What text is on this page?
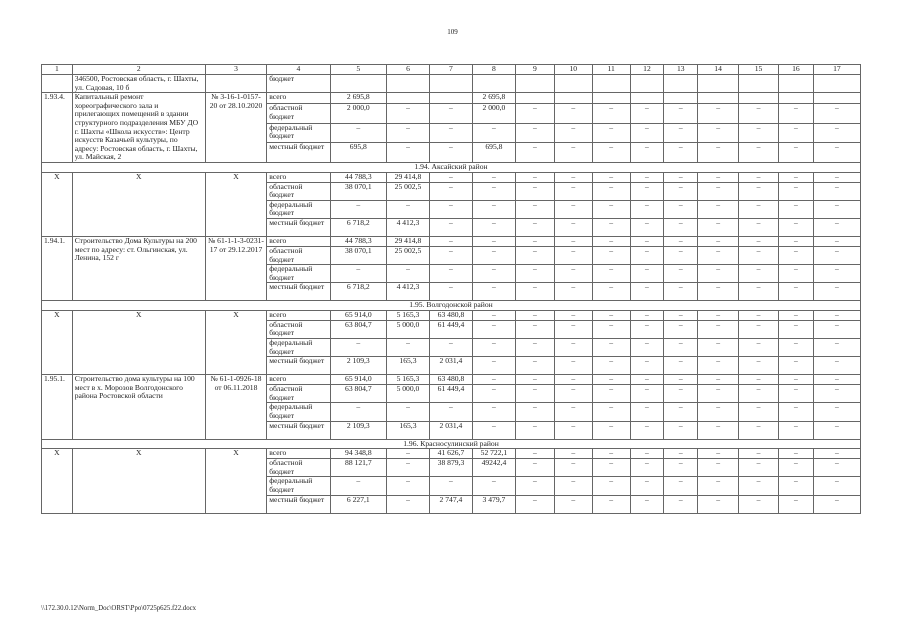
109
1	2	3	4	5	6	7	8	9	10	11	12	13	14	15	16	17
	346500, Ростовская область, г. Шахты, ул. Садовая, 10 б		бюджет													
1.93.4.	Капитальный ремонт хореографического зала и прилегающих помещений в здании структурного подразделения МБУ ДО г. Шахты «Школа искусств»: Центр искусств Казачьей культуры, по адресу: Ростовская область, г. Шахты, ул. Майская, 2	№ 3-16-1-0157-20 от 28.10.2020	всего	2 695,8			2 695,8									
			областной бюджет	2 000,0	–	–	2 000,0	–	–	–	–	–	–	–	–	–
			федеральный бюджет	–	–	–	–	–	–	–	–	–	–	–	–	–
			местный бюджет	695,8	–	–	695,8	–	–	–	–	–	–	–	–	–
1.94. Аксайский район																
Х	Х	Х	всего	44 788,3	29 414,8	–	–	–	–	–	–	–	–	–	–	–
			областной бюджет	38 070,1	25 002,5	–	–	–	–	–	–	–	–	–	–	–
			федеральный бюджет	–	–	–	–	–	–	–	–	–	–	–	–	–
			местный бюджет	6 718,2	4 412,3	–	–	–	–	–	–	–	–	–	–	–
1.94.1.	Строительство Дома Культуры на 200 мест по адресу: ст. Ольгинская, ул. Ленина, 152 г	№ 61-1-1-3-0231-17 от 29.12.2017	всего	44 788,3	29 414,8	–	–	–	–	–	–	–	–	–	–	–
			областной бюджет	38 070,1	25 002,5	–	–	–	–	–	–	–	–	–	–	–
			федеральный бюджет	–	–	–	–	–	–	–	–	–	–	–	–	–
			местный бюджет	6 718,2	4 412,3	–	–	–	–	–	–	–	–	–	–	–
1.95. Волгодонской район																
Х	Х	Х	всего	65 914,0	5 165,3	63 480,8	–	–	–	–	–	–	–	–	–	–
			областной бюджет	63 804,7	5 000,0	61 449,4	–	–	–	–	–	–	–	–	–	–
			федеральный бюджет	–	–	–	–	–	–	–	–	–	–	–	–	–
			местный бюджет	2 109,3	165,3	2 031,4	–	–	–	–	–	–	–	–	–	–
1.95.1.	Строительство дома культуры на 100 мест в х. Морозов Волгодонского района Ростовской области	№ 61-1-0926-18 от 06.11.2018	всего	65 914,0	5 165,3	63 480,8	–	–	–	–	–	–	–	–	–	–
			областной бюджет	63 804,7	5 000,0	61 449,4	–	–	–	–	–	–	–	–	–	–
			федеральный бюджет	–	–	–	–	–	–	–	–	–	–	–	–	–
			местный бюджет	2 109,3	165,3	2 031,4	–	–	–	–	–	–	–	–	–	–
1.96. Красносулинский район																
Х	Х	Х	всего	94 348,8	–	41 626,7	52 722,1	–	–	–	–	–	–	–	–	–
			областной бюджет	88 121,7	–	38 879,3	49242,4	–	–	–	–	–	–	–	–	–
			федеральный бюджет	–	–	–	–	–	–	–	–	–	–	–	–	–
			местный бюджет	6 227,1	–	2 747,4	3 479,7	–	–	–	–	–	–	–	–	–
\\172.30.0.12\Norm_Doc\ORST\Ppo\0725p625.f22.docx
